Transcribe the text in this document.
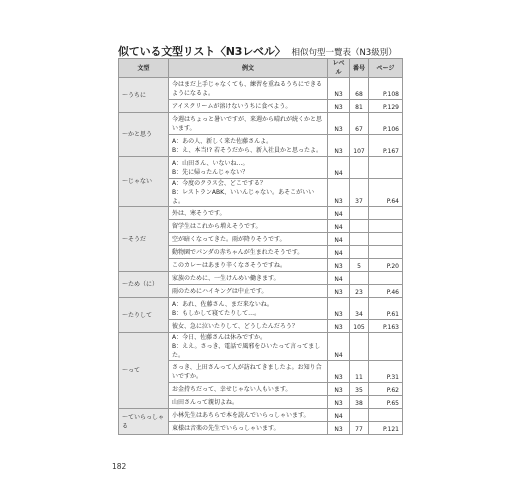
似ている文型リスト〈N3レベル〉 相似句型一覽表（N3級別）
文型	例文	レベル	番号	ページ
～うちに	今はまだ上手じゃなくても、練習を重ねるうちにできるようになるよ。	N3	68	P.108
	アイスクリームが溶けないうちに食べよう。	N3	81	P.129
～かと思う	今週はちょっと暑いですが、来週から晴れが続くかと思います。	N3	67	P.106
	A：あの人、新しく来た佐藤さんよ。
B：え、本当!? 若そうだから、新入社員かと思ったよ。	N3	107	P.167
～じゃない	A：山田さん、いないね…。
B：先に帰ったんじゃない？	N4		
	A：今度のクラス会、どこでする？
B：レストランABK、いいんじゃない。あそこがいいよ。	N3	37	P.64
～そうだ	外は、寒そうです。	N4		
	留学生はこれから増えそうです。	N4		
	空が暗くなってきた。雨が降りそうです。	N4		
	動物園でパンダの赤ちゃんが生まれたそうです。	N4		
	このカレーはあまり辛くなさそうですね。	N3	5	P.20
～ため（に）	家族のために、一生けんめい働きます。	N4		
	雨のためにハイキングは中止です。	N3	23	P.46
～たりして	A：あれ、佐藤さん、まだ来ないね。
B：もしかして寝てたりして…。	N3	34	P.61
	彼女、急に泣いたりして、どうしたんだろう？	N3	105	P.163
～って	A：今日、佐藤さんは休みですか。
B：ええ。さっき、電話で風邪をひいたって言ってました。	N4		
	さっき、上田さんって人が訪ねてきましたよ。お知り合いですか。	N3	11	P.31
	お金持ちだって、幸せじゃない人もいます。	N3	35	P.62
	山田さんって親切よね。	N3	38	P.65
～ていらっしゃる	小林先生はあちらで本を読んでいらっしゃいます。	N4		
	東様は音楽の先生でいらっしゃいます。	N3	77	P.121
182
